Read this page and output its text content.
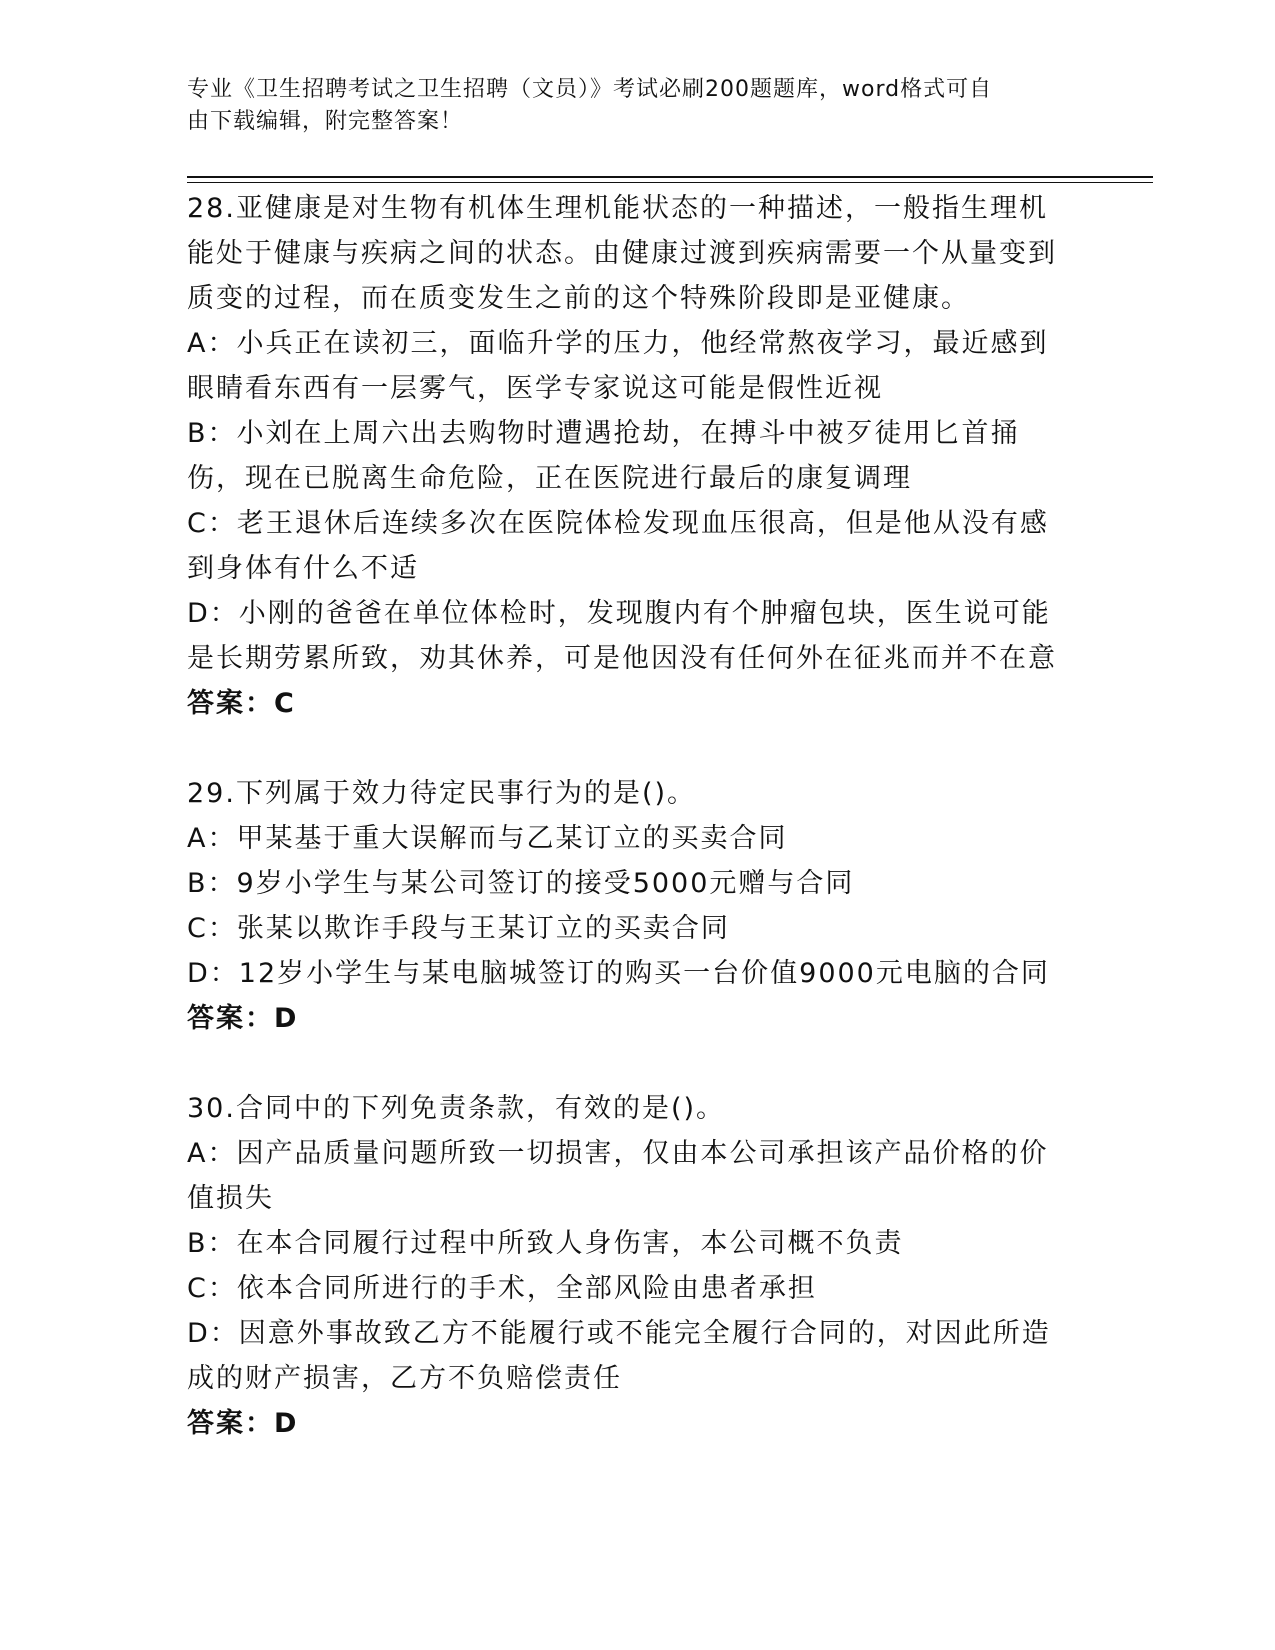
专业《卫生招聘考试之卫生招聘（文员）》考试必刷200题题库，word格式可自
由下载编辑，附完整答案！

28.亚健康是对生物有机体生理机能状态的一种描述，一般指生理机能处于健康与疾病之间的状态。由健康过渡到疾病需要一个从量变到质变的过程，而在质变发生之前的这个特殊阶段即是亚健康。

A：小兵正在读初三，面临升学的压力，他经常熬夜学习，最近感到眼睛看东西有一层雾气，医学专家说这可能是假性近视

B：小刘在上周六出去购物时遭遇抢劫，在搏斗中被歹徒用匕首捅伤，现在已脱离生命危险，正在医院进行最后的康复调理

C：老王退休后连续多次在医院体检发现血压很高，但是他从没有感到身体有什么不适

D：小刚的爸爸在单位体检时，发现腹内有个肿瘤包块，医生说可能是长期劳累所致，劝其休养，可是他因没有任何外在征兆而并不在意

答案：C

29.下列属于效力待定民事行为的是()。

A：甲某基于重大误解而与乙某订立的买卖合同

B：9岁小学生与某公司签订的接受5000元赠与合同

C：张某以欺诈手段与王某订立的买卖合同

D：12岁小学生与某电脑城签订的购买一台价值9000元电脑的合同

答案：D

30.合同中的下列免责条款，有效的是()。

A：因产品质量问题所致一切损害，仅由本公司承担该产品价格的价值损失

B：在本合同履行过程中所致人身伤害，本公司概不负责

C：依本合同所进行的手术，全部风险由患者承担

D：因意外事故致乙方不能履行或不能完全履行合同的，对因此所造成的财产损害，乙方不负赔偿责任

答案：D
